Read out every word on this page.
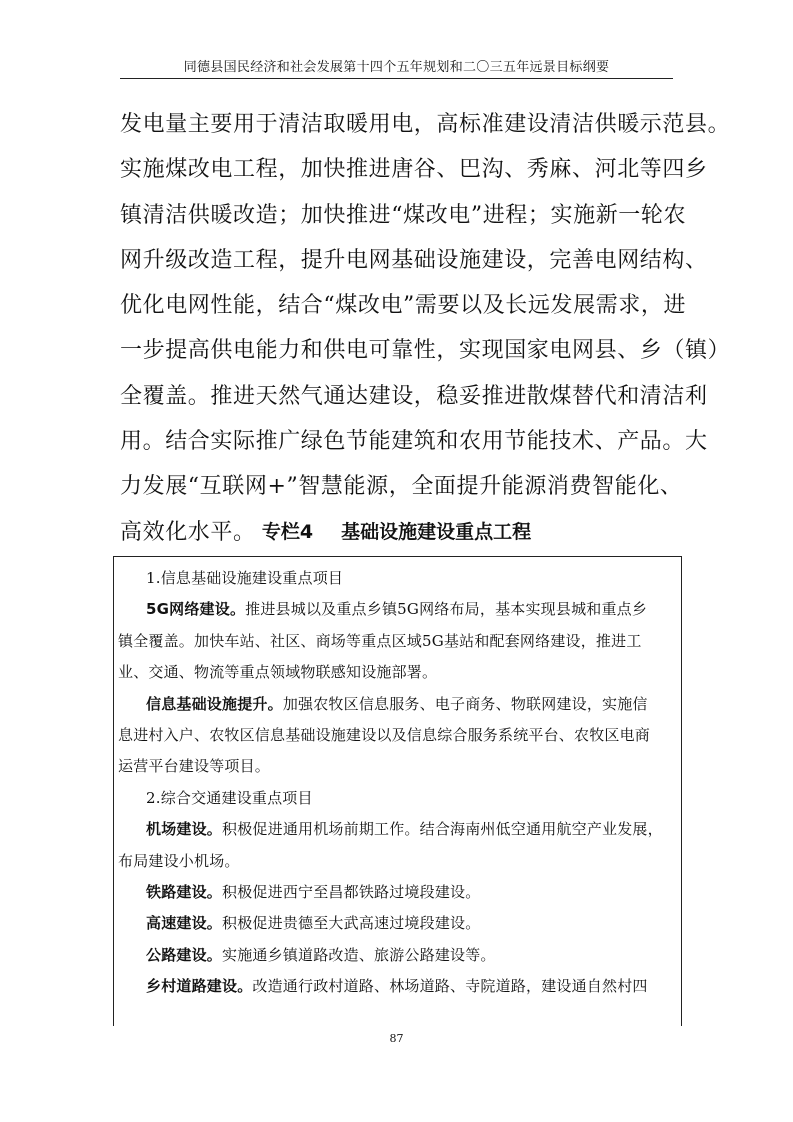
同德县国民经济和社会发展第十四个五年规划和二〇三五年远景目标纲要
发电量主要用于清洁取暖用电，高标准建设清洁供暖示范县。
实施煤改电工程，加快推进唐谷、巴沟、秀麻、河北等四乡
镇清洁供暖改造；加快推进“煤改电”进程；实施新一轮农
网升级改造工程，提升电网基础设施建设，完善电网结构、
优化电网性能，结合“煤改电”需要以及长远发展需求，进
一步提高供电能力和供电可靠性，实现国家电网县、乡（镇）
全覆盖。推进天然气通达建设，稳妥推进散煤替代和清洁利
用。结合实际推广绿色节能建筑和农用节能技术、产品。大
力发展“互联网+”智慧能源，全面提升能源消费智能化、
高效化水平。 专栏4 基础设施建设重点工程
1.信息基础设施建设重点项目
5G网络建设。推进县城以及重点乡镇5G网络布局，基本实现县城和重点乡
镇全覆盖。加快车站、社区、商场等重点区域5G基站和配套网络建设，推进工
业、交通、物流等重点领域物联感知设施部署。
信息基础设施提升。加强农牧区信息服务、电子商务、物联网建设，实施信
息进村入户、农牧区信息基础设施建设以及信息综合服务系统平台、农牧区电商
运营平台建设等项目。
2.综合交通建设重点项目
机场建设。积极促进通用机场前期工作。结合海南州低空通用航空产业发展，
布局建设小机场。
铁路建设。积极促进西宁至昌都铁路过境段建设。
高速建设。积极促进贵德至大武高速过境段建设。
公路建设。实施通乡镇道路改造、旅游公路建设等。
乡村道路建设。改造通行政村道路、林场道路、寺院道路，建设通自然村四
87
